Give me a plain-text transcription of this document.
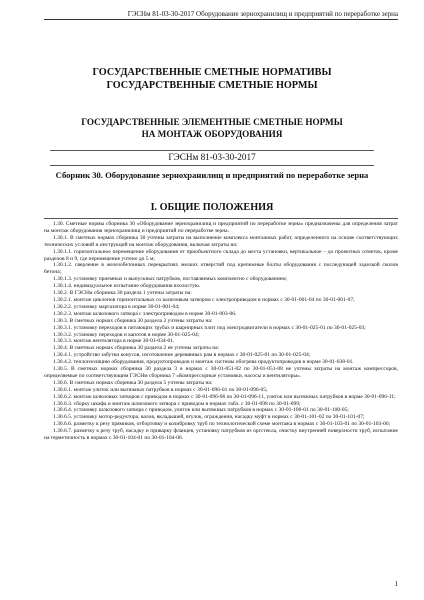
ГЭСНм 81-03-30-2017 Оборудование зернохранилищ и предприятий по переработке зерна
ГОСУДАРСТВЕННЫЕ СМЕТНЫЕ НОРМАТИВЫ
ГОСУДАРСТВЕННЫЕ СМЕТНЫЕ НОРМЫ
ГОСУДАРСТВЕННЫЕ ЭЛЕМЕНТНЫЕ СМЕТНЫЕ НОРМЫ
НА МОНТАЖ ОБОРУДОВАНИЯ
ГЭСНм 81-03-30-2017
Сборник 30. Оборудование зернохранилищ и предприятий по переработке зерна
I. ОБЩИЕ ПОЛОЖЕНИЯ

1.30. Сметные нормы сборника 30 «Оборудование зернохранилищ и предприятий по переработке зерна» предназначены для определения затрат на монтаж оборудования зернохранилищ и предприятий по переработке зерна.

1.30.1. В сметных нормах сборника 30 учтены затраты на выполнение комплекса монтажных работ, определенного на основе соответствующих технических условий и инструкций на монтаж оборудования, включая затраты на:

1.30.1.1. горизонтальное перемещение оборудования от приобъектного склада до места установки, вертикальное – до проектных отметок, кроме разделов 8 и 9, где перемещение учтено до 5 м;

1.30.1.2. сверление в железобетонных перекрытиях мелких отверстий под крепежные болты оборудования с последующей заделкой сколов бетона;

1.30.1.3. установку приемных и выпускных патрубков, поставляемых комплектно с оборудованием;

1.30.1.4. индивидуальное испытание оборудования вхолостую.

1.30.2. В ГЭСНм сборника 30 раздела 1 учтены затраты на:

1.30.2.1. монтаж циклонов горизонтальных со шлюзовым затвором с электроприводом в нормах с 30-01-001-04 по 30-01-001-07;

1.30.2.2. установку маргазатора в норме 30-01-001-04;

1.30.2.3. монтаж шлюзового затвора с электроприводом в норме 30-01-003-06.

1.30.3. В сметных нормах сборника 30 раздела 2 учтены затраты на:

1.30.3.1. установку переходов в питающих трубах и шарнирных плит под электродвигатели в нормах с 30-01-025-01 по 30-01-025-03;

1.30.3.2. установку переходов и капотов в норме 30-01-025-04;

1.30.3.3. монтаж вентилятора в норме 30-01-034-01.

1.30.4. В сметных нормах сборника 30 раздела 2 не учтены затраты на:

1.30.4.1. устройство забутки конусов, изготовление деревянных рам в нормах с 30-01-025-01 по 30-01-025-04;

1.30.4.2. теплоизоляцию оборудования, продуктопроводов и монтаж системы обогрева продуктопроводов в норме 30-01-038-01.

1.30.5. В сметных нормах сборника 30 раздела 3 в нормах с 30-01-051-02 по 30-01-051-08 не учтены затраты на монтаж компрессоров, определяемые по соответствующим ГЭСНм сборника 7 «Компрессорные установки, насосы и вентиляторы».

1.30.6. В сметных нормах сборника 30 раздела 5 учтены затраты на:

1.30.6.1. монтаж улиток или вытяжных патрубков в нормах с 30-01-096-01 по 30-01-096-05;

1.30.6.2. монтаж шлюзовых затворов с приводом в нормах с 30-01-096-06 по 30-01-096-11, улиток или вытяжных патрубков в норме 30-01-096-11;

1.30.6.3. сборку шкафа и монтаж шлюзового затвора с приводом в нормах табл. с 30-01-098 по 30-01-099;

1.30.6.4. установку шлюзового затвора с приводом, улиток или вытяжных патрубков в нормах с 30-01-100-01 по 30-01-100-05;

1.30.6.5. установку мотор-редуктора, валов, вкладышей, втулок, ограждения, насадку муфт в нормах с 30-01-101-02 по 30-01-101-07;

1.30.6.6. разметку к резу прямиков, отбортовку и колибровку труб по технологической схеме монтажа в нормах с 30-01-103-01 по 30-01-103-06;

1.30.6.7. разметку к резу труб, насадку и приварку фланцев, установку патрубков из оргстекла, очистку внутренней поверхности труб, испытание на герметичность в нормах с 30-01-104-01 по 30-01-104-06.

1
